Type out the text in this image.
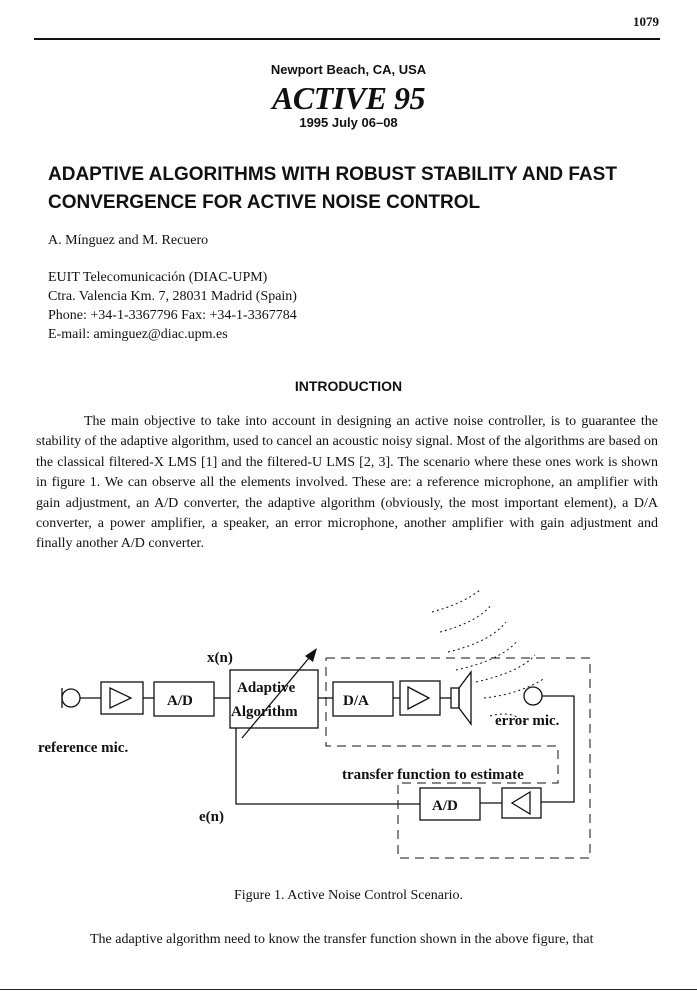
1079
Newport Beach, CA, USA
ACTIVE 95
1995 July 06–08
ADAPTIVE ALGORITHMS WITH ROBUST STABILITY AND FAST
CONVERGENCE FOR ACTIVE NOISE CONTROL
A. Mínguez and M. Recuero
EUIT Telecomunicación (DIAC-UPM)
Ctra. Valencia Km. 7, 28031 Madrid (Spain)
Phone: +34-1-3367796 Fax: +34-1-3367784
E-mail: aminguez@diac.upm.es
INTRODUCTION
The main objective to take into account in designing an active noise controller, is to guarantee the stability of the adaptive algorithm, used to cancel an acoustic noisy signal. Most of the algorithms are based on the classical filtered-X LMS [1] and the filtered-U LMS [2, 3]. The scenario where these ones work is shown in figure 1. We can observe all the elements involved. These are: a reference microphone, an amplifier with gain adjustment, an A/D converter, the adaptive algorithm (obviously, the most important element), a D/A converter, a power amplifier, a speaker, an error microphone, another amplifier with gain adjustment and finally another A/D converter.
x(n)
A/D
Adaptive
Algorithm
D/A
error mic.
reference mic.
transfer function to estimate
e(n)
A/D
Figure 1. Active Noise Control Scenario.
The adaptive algorithm need to know the transfer function shown in the above figure, that
